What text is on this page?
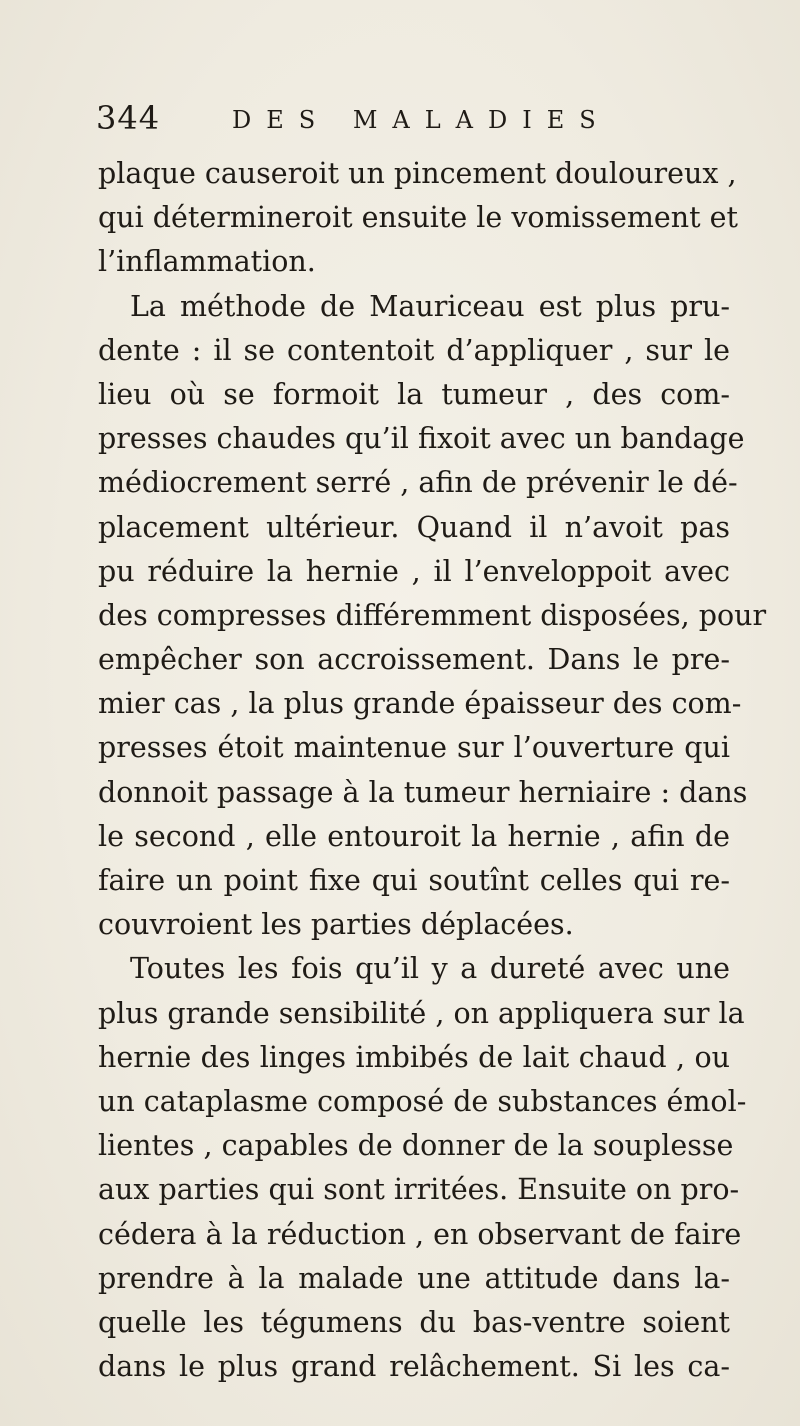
344	DES MALADIES
plaque causeroit un pincement douloureux ,
qui détermineroit ensuite le vomissement et
l’inflammation.
La méthode de Mauriceau est plus pru-
dente : il se contentoit d’appliquer , sur le
lieu où se formoit la tumeur , des com-
presses chaudes qu’il fixoit avec un bandage
médiocrement serré , afin de prévenir le dé-
placement ultérieur. Quand il n’avoit pas
pu réduire la hernie , il l’enveloppoit avec
des compresses différemment disposées, pour
empêcher son accroissement. Dans le pre-
mier cas , la plus grande épaisseur des com-
presses étoit maintenue sur l’ouverture qui
donnoit passage à la tumeur herniaire : dans
le second , elle entouroit la hernie , afin de
faire un point fixe qui soutînt celles qui re-
couvroient les parties déplacées.
Toutes les fois qu’il y a dureté avec une
plus grande sensibilité , on appliquera sur la
hernie des linges imbibés de lait chaud , ou
un cataplasme composé de substances émol-
lientes , capables de donner de la souplesse
aux parties qui sont irritées. Ensuite on pro-
cédera à la réduction , en observant de faire
prendre à la malade une attitude dans la-
quelle les tégumens du bas-ventre soient
dans le plus grand relâchement. Si les ca-
